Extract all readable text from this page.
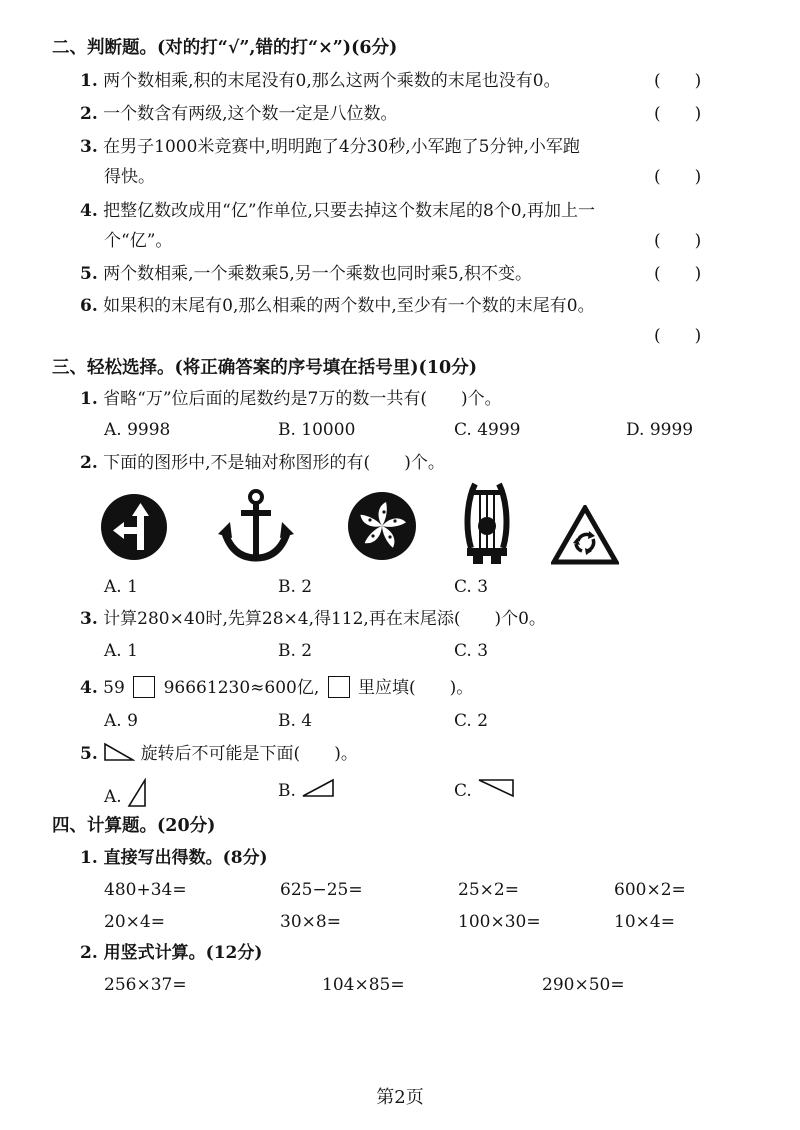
二、判断题。(对的打“√”,错的打“×”)(6分)
1. 两个数相乘,积的末尾没有0,那么这两个乘数的末尾也没有0。	(　　)
2. 一个数含有两级,这个数一定是八位数。	(　　)
3. 在男子1000米竞赛中,明明跑了4分30秒,小军跑了5分钟,小军跑
得快。	(　　)
4. 把整亿数改成用“亿”作单位,只要去掉这个数末尾的8个0,再加上一
个“亿”。	(　　)
5. 两个数相乘,一个乘数乘5,另一个乘数也同时乘5,积不变。	(　　)
6. 如果积的末尾有0,那么相乘的两个数中,至少有一个数的末尾有0。
(　　)
三、轻松选择。(将正确答案的序号填在括号里)(10分)
1. 省略“万”位后面的尾数约是7万的数一共有(　　)个。
A. 9998	B. 10000	C. 4999	D. 9999
2. 下面的图形中,不是轴对称图形的有(　　)个。
A. 1	B. 2	C. 3
3. 计算280×40时,先算28×4,得112,再在末尾添(　　)个0。
A. 1	B. 2	C. 3
4. 59 96661230≈600亿, 里应填(　　)。
A. 9	B. 4	C. 2
5.	旋转后不可能是下面(　　)。
A.	B.	C.
四、计算题。(20分)
1. 直接写出得数。(8分)
480+34=	625−25=	25×2=	600×2=
20×4=	30×8=	100×30=	10×4=
2. 用竖式计算。(12分)
256×37=	104×85=	290×50=
第2页
